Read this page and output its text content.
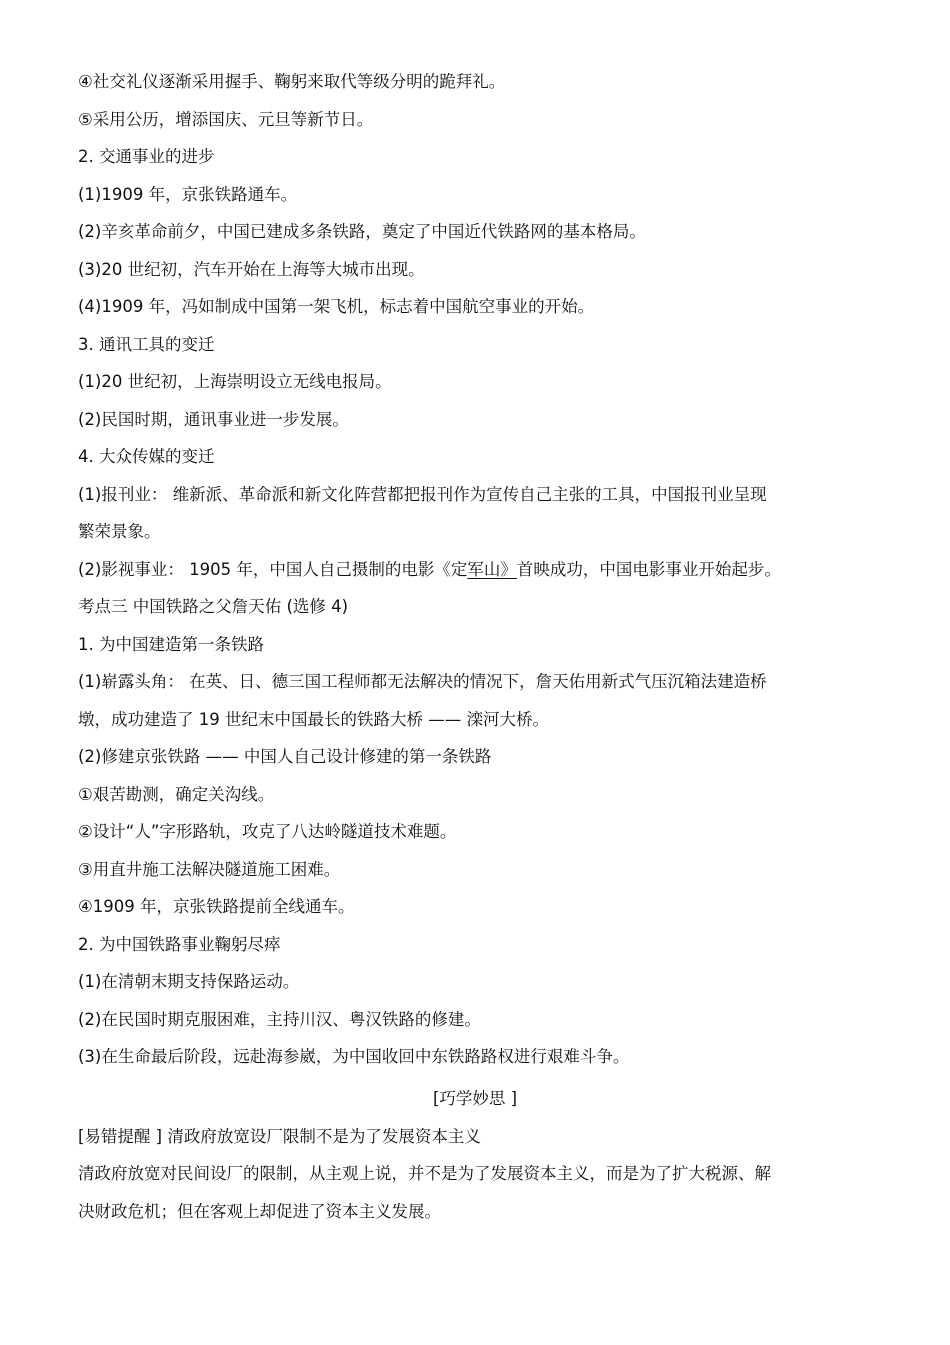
④社交礼仪逐渐采用握手、鞠躬来取代等级分明的跪拜礼。
⑤采用公历，增添国庆、元旦等新节日。
2. 交通事业的进步
(1)1909 年，京张铁路通车。
(2)辛亥革命前夕，中国已建成多条铁路，奠定了中国近代铁路网的基本格局。
(3)20 世纪初，汽车开始在上海等大城市出现。
(4)1909 年，冯如制成中国第一架飞机，标志着中国航空事业的开始。
3. 通讯工具的变迁
(1)20 世纪初，上海崇明设立无线电报局。
(2)民国时期，通讯事业进一步发展。
4. 大众传媒的变迁
(1)报刊业： 维新派、革命派和新文化阵营都把报刊作为宣传自己主张的工具，中国报刊业呈现
繁荣景象。
(2)影视事业： 1905 年，中国人自己摄制的电影《定军山》首映成功，中国电影事业开始起步。
考点三 中国铁路之父詹天佑 (选修 4)
1. 为中国建造第一条铁路
(1)崭露头角： 在英、日、德三国工程师都无法解决的情况下，詹天佑用新式气压沉箱法建造桥
墩，成功建造了 19 世纪末中国最长的铁路大桥 —— 滦河大桥。
(2)修建京张铁路 —— 中国人自己设计修建的第一条铁路
①艰苦勘测，确定关沟线。
②设计“人”字形路轨，攻克了八达岭隧道技术难题。
③用直井施工法解决隧道施工困难。
④1909 年，京张铁路提前全线通车。
2. 为中国铁路事业鞠躬尽瘁
(1)在清朝末期支持保路运动。
(2)在民国时期克服困难，主持川汉、粤汉铁路的修建。
(3)在生命最后阶段，远赴海参崴，为中国收回中东铁路路权进行艰难斗争。
[巧学妙思 ]
[易错提醒 ] 清政府放宽设厂限制不是为了发展资本主义
清政府放宽对民间设厂的限制，从主观上说，并不是为了发展资本主义，而是为了扩大税源、解
决财政危机；但在客观上却促进了资本主义发展。
